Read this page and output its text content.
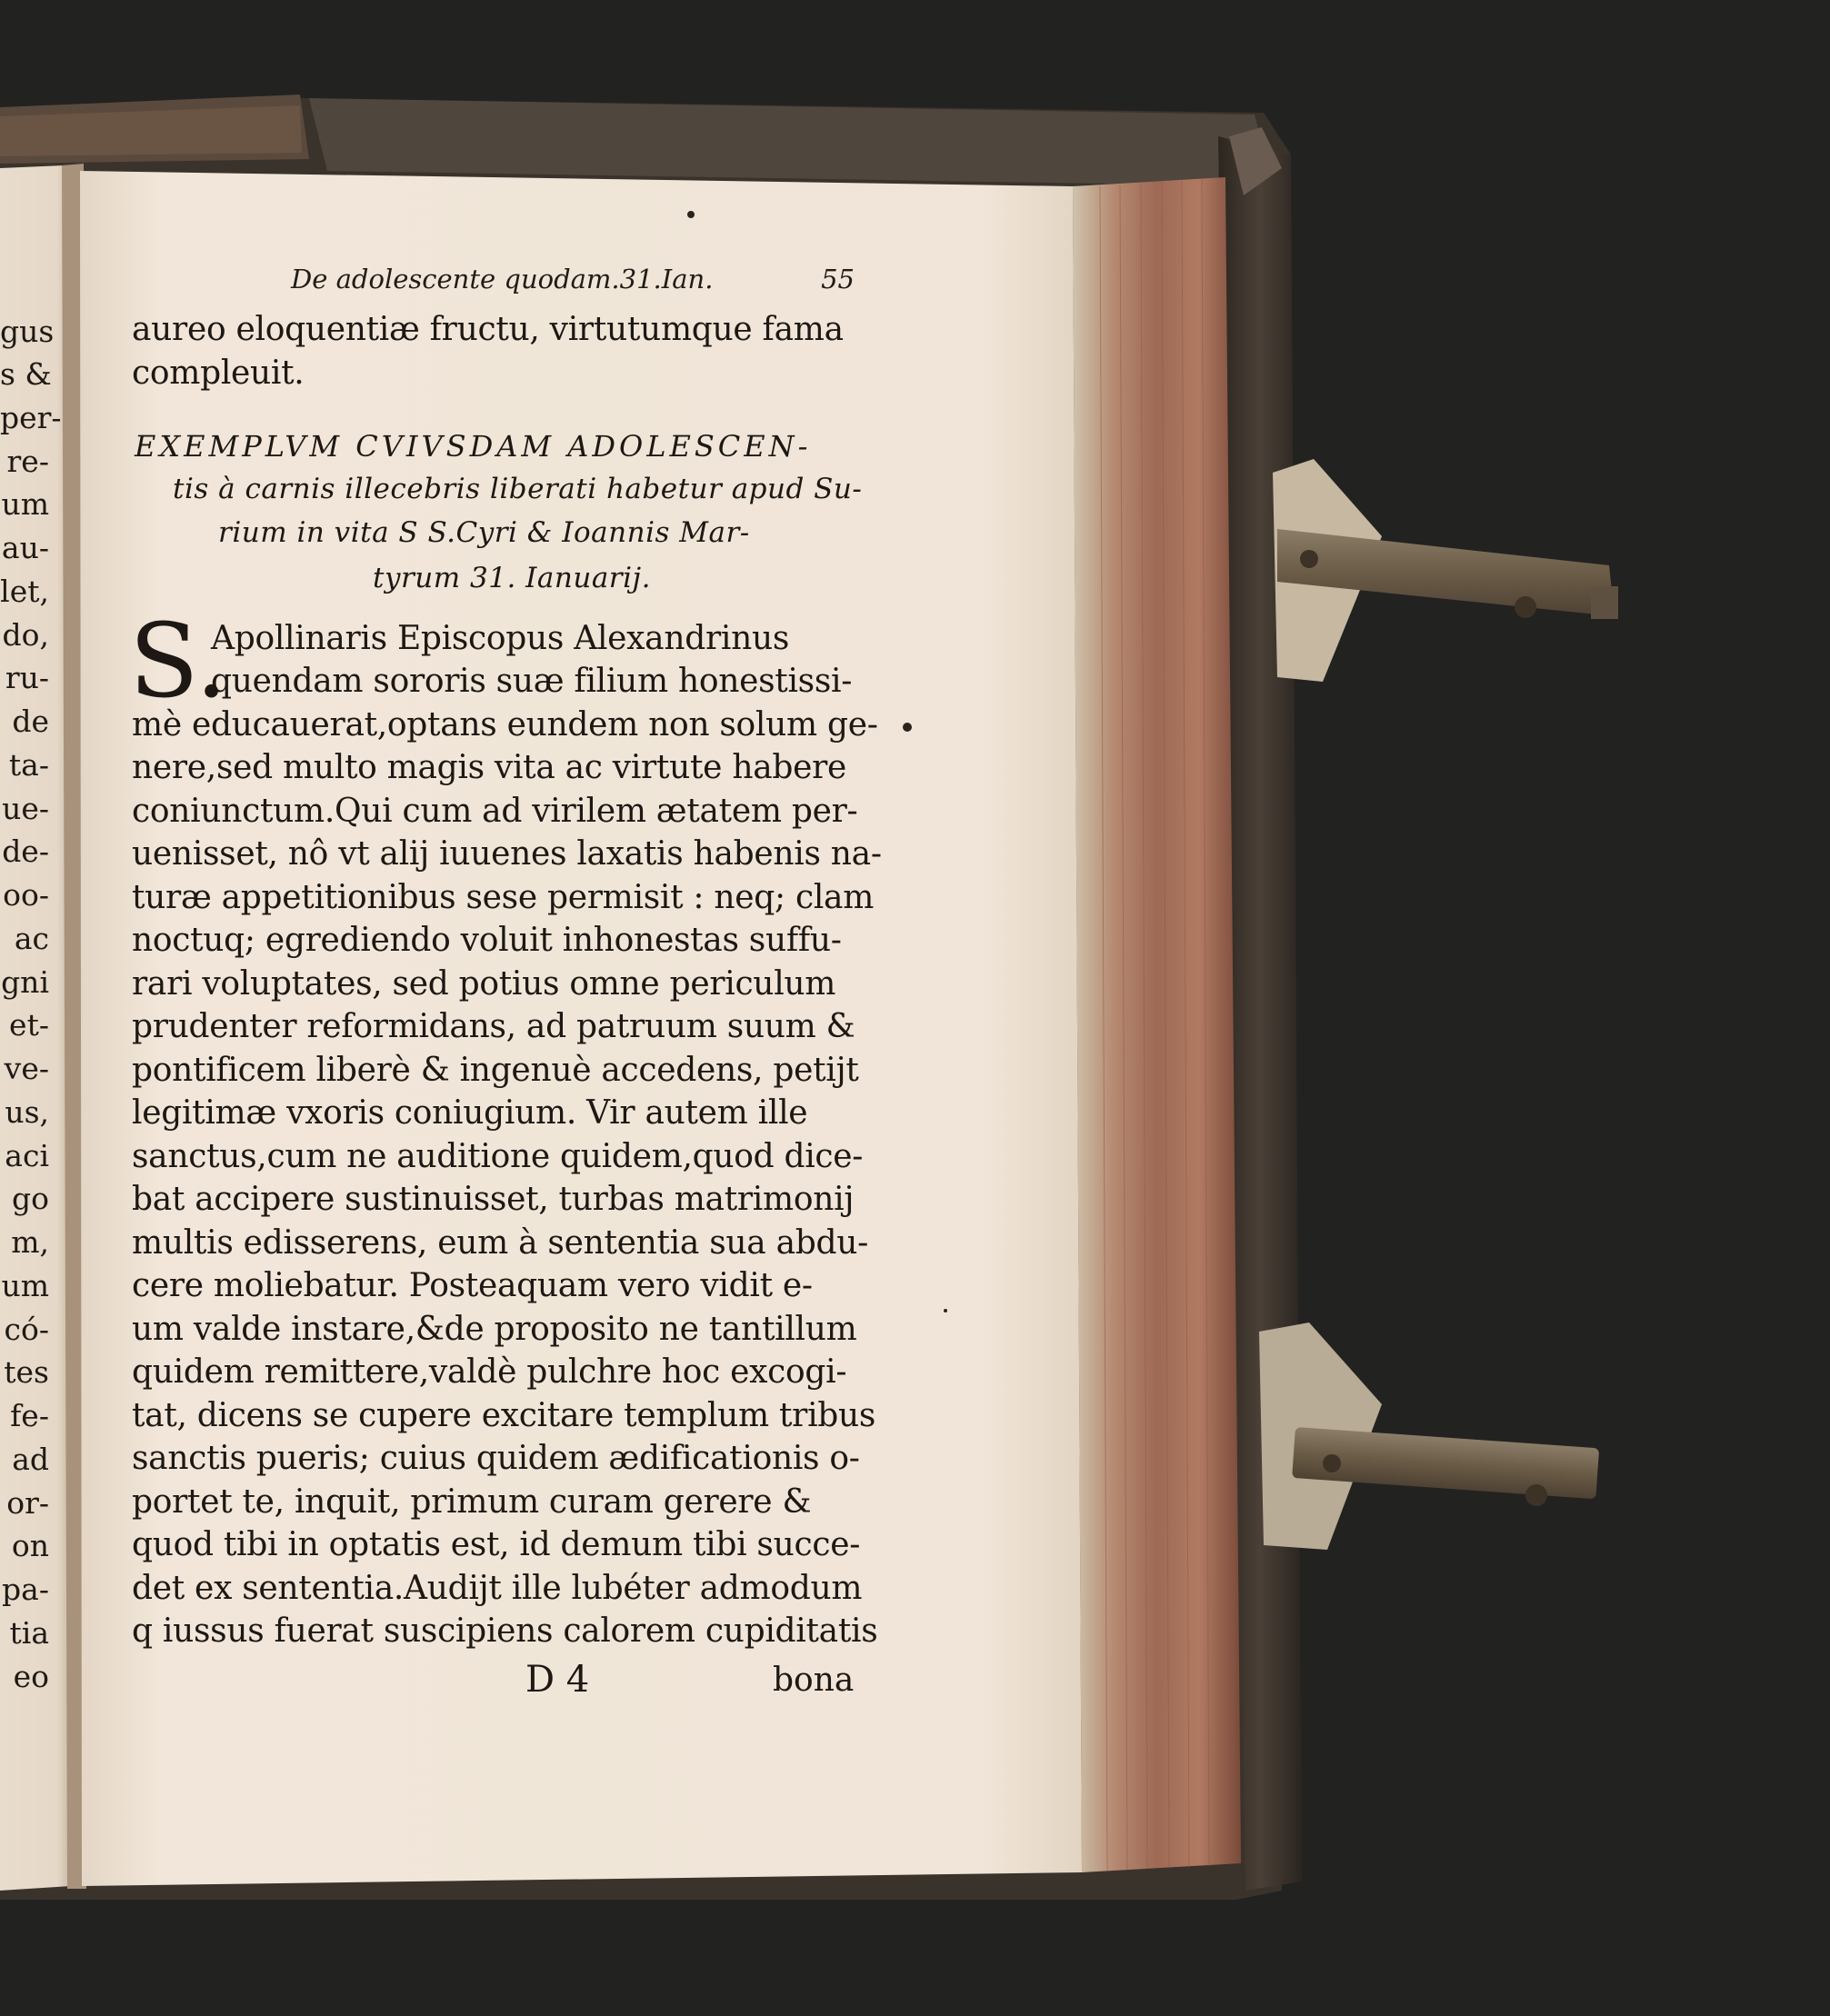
gus
s &
per-
re-
um
au-
let,
do,
ru-
de
ta-
ue-
de-
oo-
ac
gni
et-
ve-
us,
aci
go
m,
um
có-
tes
fe-
ad
or-
on
pa-
tia
eo
De adolescente quodam.31.Ian.	55
aureo eloquentiæ fructu, virtutumque fama
compleuit.
EXEMPLVM CVIVSDAM ADOLESCEN-
tis à carnis illecebris liberati habetur apud Su-
rium in vita S S.Cyri & Ioannis Mar-
tyrum 31. Ianuarij.
S.
Apollinaris Episcopus Alexandrinus
quendam sororis suæ filium honestissi-
mè educauerat,optans eundem non solum ge-
nere,sed multo magis vita ac virtute habere
coniunctum.Qui cum ad virilem ætatem per-
uenisset, nô vt alij iuuenes laxatis habenis na-
turæ appetitionibus sese permisit : neq; clam
noctuq; egrediendo voluit inhonestas suffu-
rari voluptates, sed potius omne periculum
prudenter reformidans, ad patruum suum &
pontificem liberè & ingenuè accedens, petijt
legitimæ vxoris coniugium. Vir autem ille
sanctus,cum ne auditione quidem,quod dice-
bat accipere sustinuisset, turbas matrimonij
multis edisserens, eum à sententia sua abdu-
cere moliebatur. Posteaquam vero vidit e-
um valde instare,&de proposito ne tantillum
quidem remittere,valdè pulchre hoc excogi-
tat, dicens se cupere excitare templum tribus
sanctis pueris; cuius quidem ædificationis o-
portet te, inquit, primum curam gerere &
quod tibi in optatis est, id demum tibi succe-
det ex sententia.Audijt ille lubéter admodum
q iussus fuerat suscipiens calorem cupiditatis
D 4	bona
